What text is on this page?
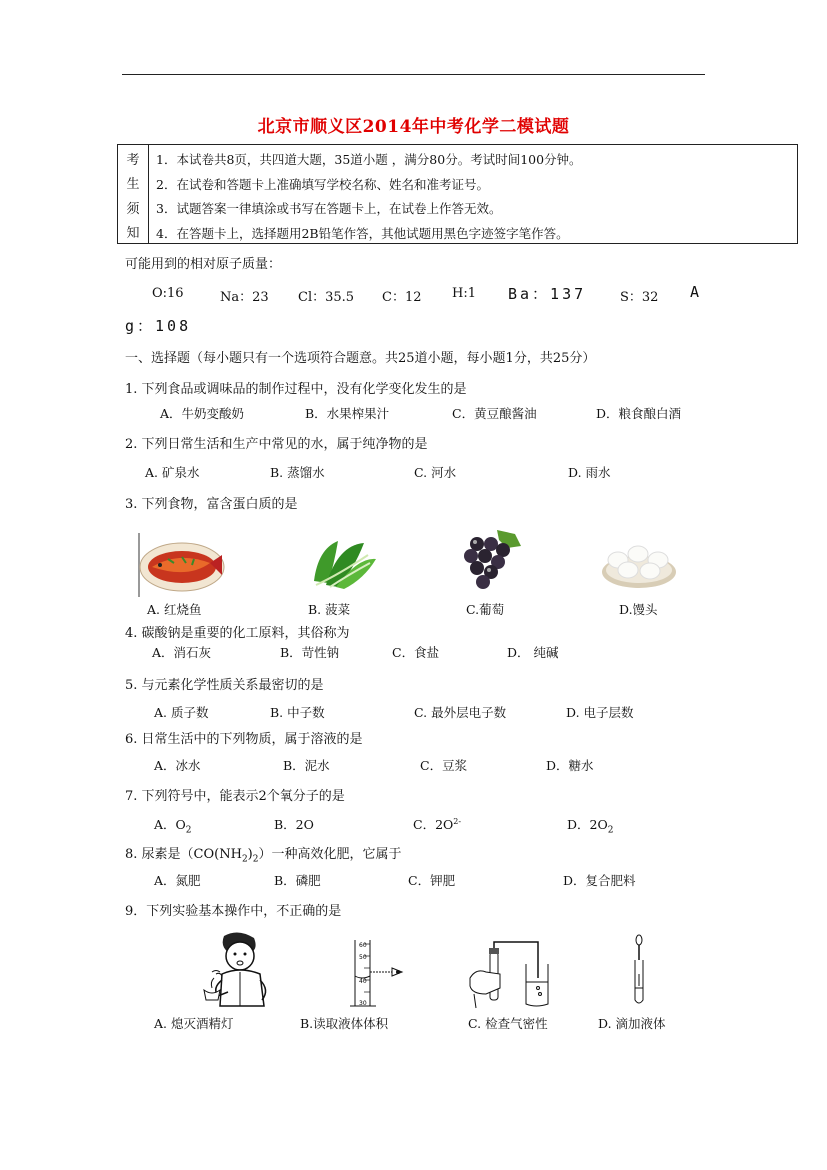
北京市顺义区2014年中考化学二模试题
考
生
须
知
1．本试卷共8页，共四道大题，35道小题 ，满分80分。考试时间100分钟。
2．在试卷和答题卡上准确填写学校名称、姓名和准考证号。
3．试题答案一律填涂或书写在答题卡上，在试卷上作答无效。
4．在答题卡上，选择题用2B铅笔作答，其他试题用黑色字迹签字笔作答。
可能用到的相对原子质量：
O:16	Na：23 Cl：35.5 C：12 H:1 Ba：137	S：32 A
g：108
一、选择题（每小题只有一个选项符合题意。共25道小题，每小题1分，共25分）
1. 下列食品或调味品的制作过程中，没有化学变化发生的是
A．牛奶变酸奶	B．水果榨果汁	C．黄豆酿酱油	D．粮食酿白酒
2. 下列日常生活和生产中常见的水，属于纯净物的是
A. 矿泉水	B. 蒸馏水	C. 河水	D. 雨水
3. 下列食物，富含蛋白质的是
A. 红烧鱼	B. 菠菜	C.葡萄	D.馒头
4. 碳酸钠是重要的化工原料，其俗称为
A．消石灰	B．苛性钠	C．食盐	D． 纯碱
5. 与元素化学性质关系最密切的是
A. 质子数	B. 中子数	C. 最外层电子数	D. 电子层数
6. 日常生活中的下列物质，属于溶液的是
A．冰水	B．泥水	C．豆浆	D．糖水
7. 下列符号中，能表示2个氧分子的是
A．$O_2$	B．2O	C．$2O^{2-}$	D．$2O_2$
8. 尿素是$(CO(NH_2)_2)$一种高效化肥，它属于
A．氮肥	B．磷肥	C．钾肥	D．复合肥料
9．下列实验基本操作中，不正确的是
60
50
40
30
A. 熄灭酒精灯	B.读取液体体积	C. 检查气密性	D. 滴加液体
